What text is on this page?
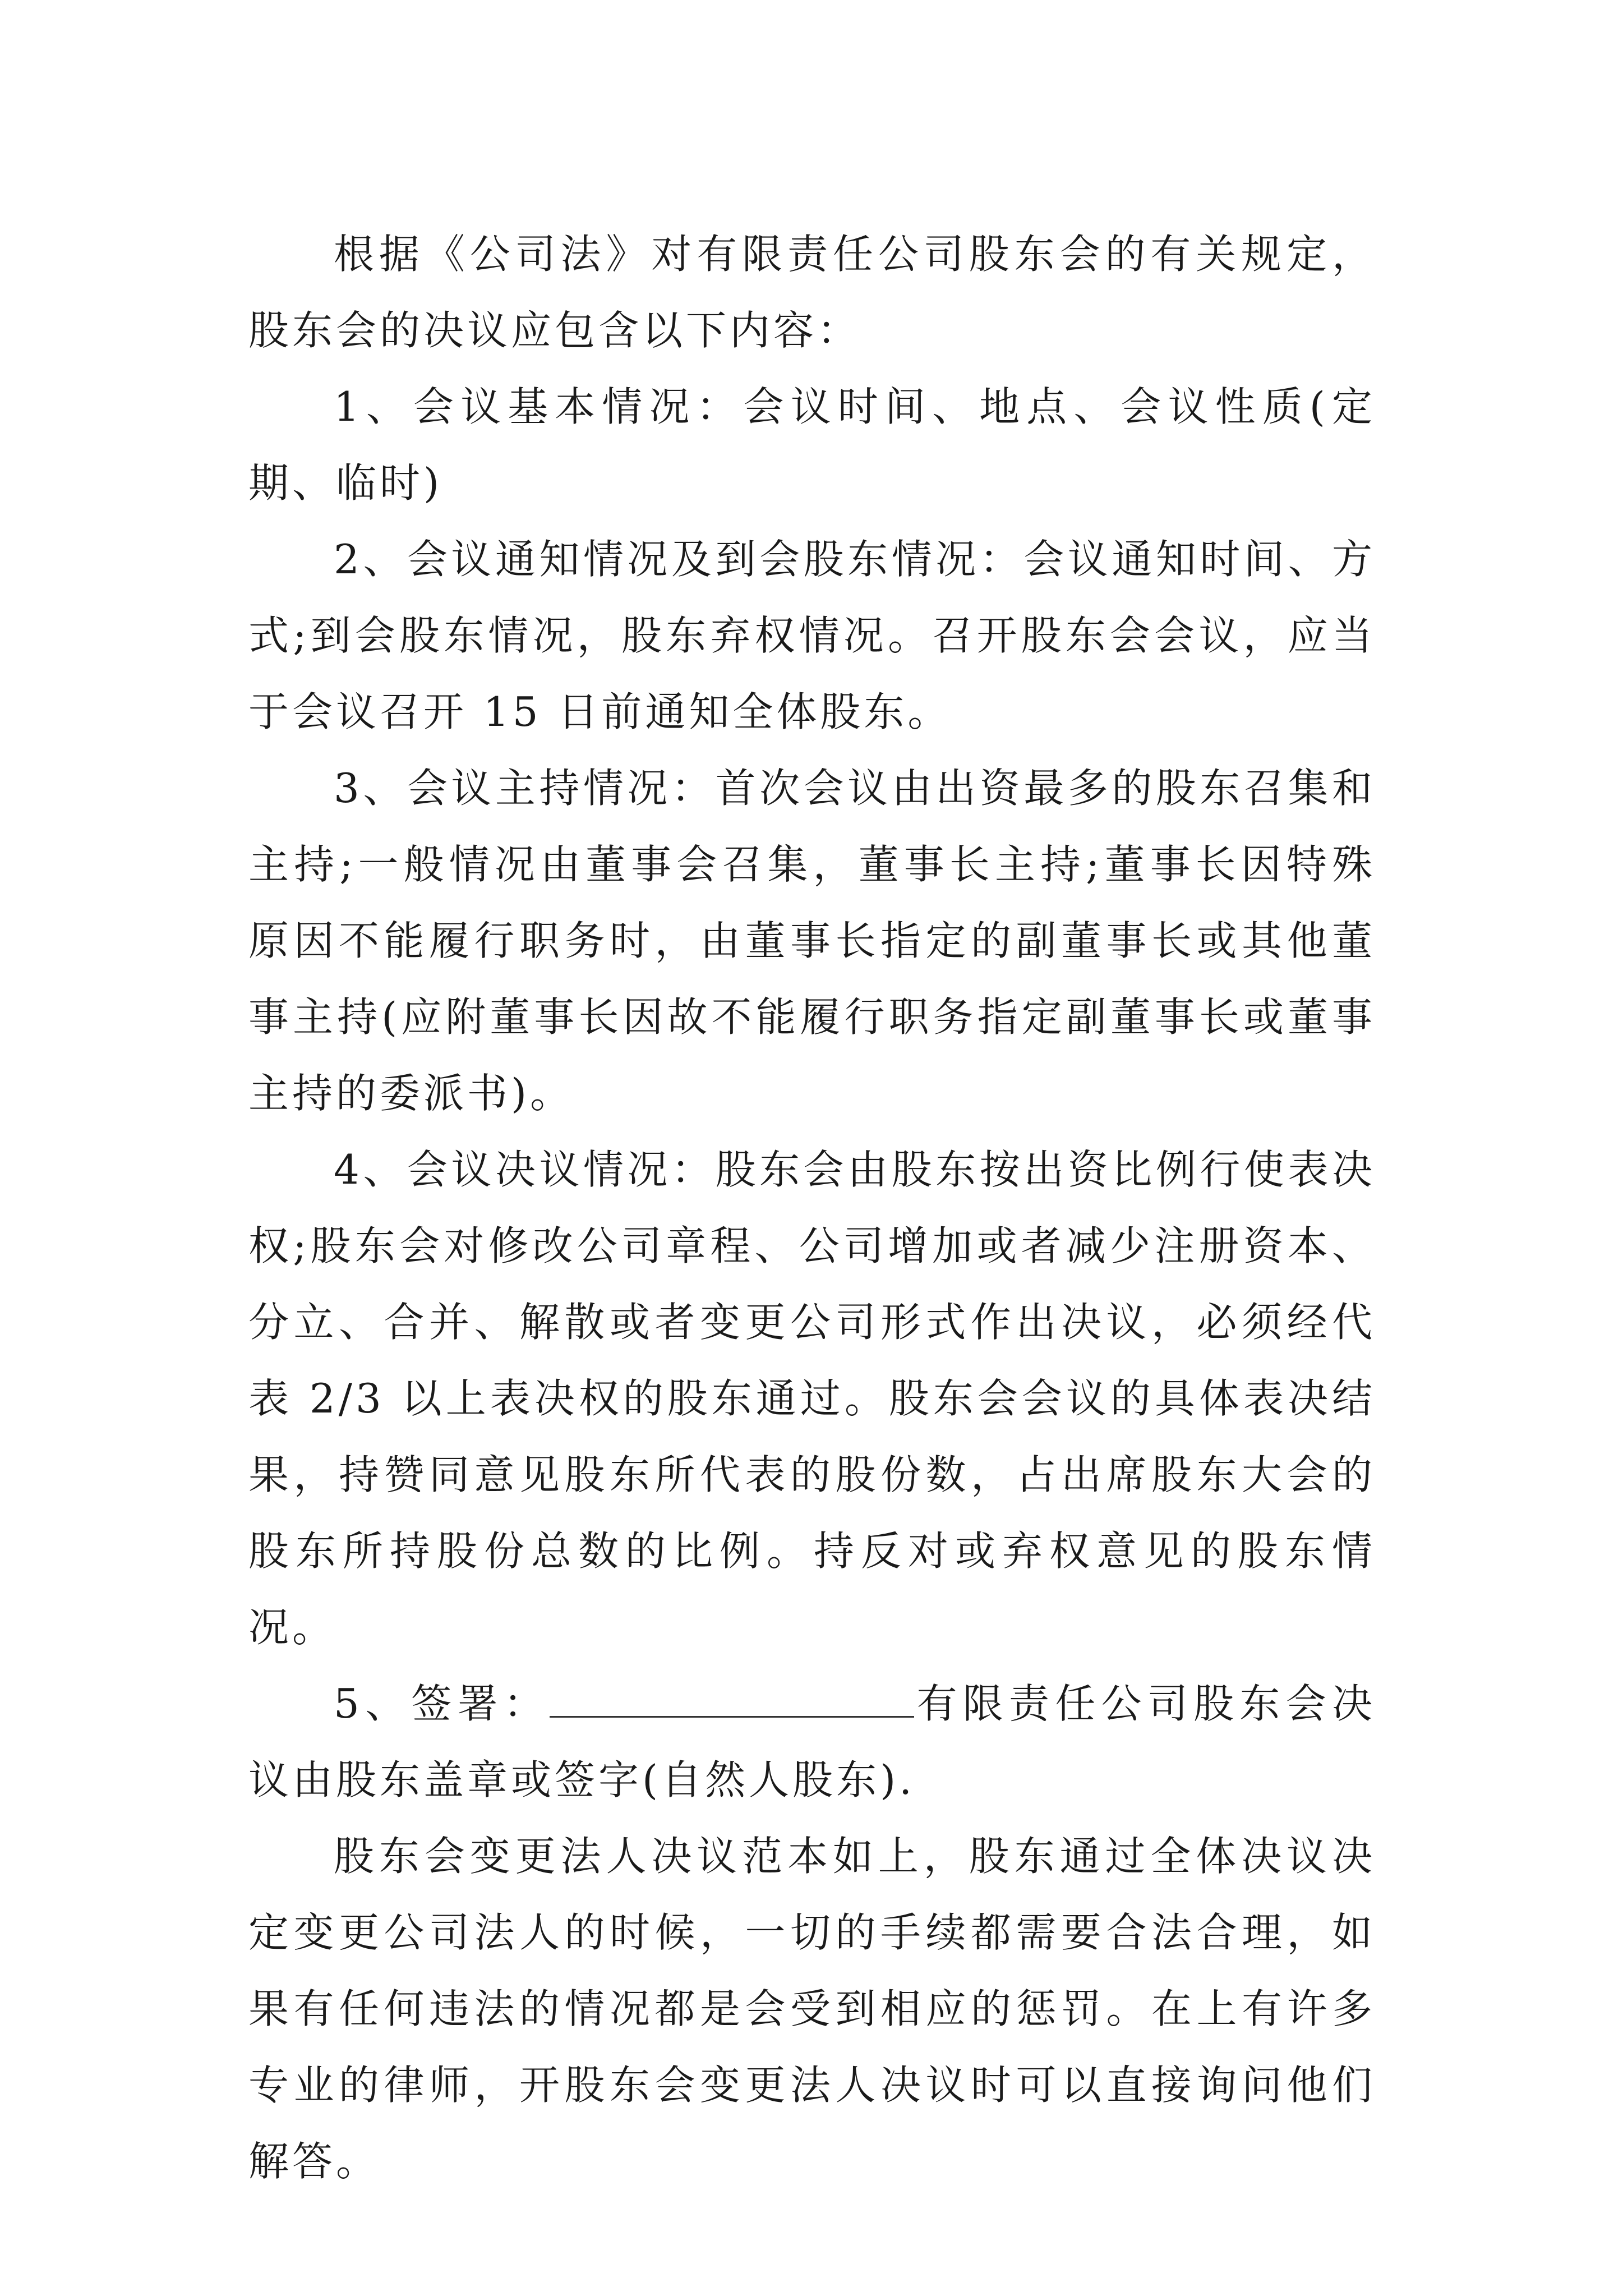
根据《公司法》对有限责任公司股东会的有关规定，股东会的决议应包含以下内容：

1、会议基本情况：会议时间、地点、会议性质(定期、临时)

2、会议通知情况及到会股东情况：会议通知时间、方式;到会股东情况，股东弃权情况。召开股东会会议，应当于会议召开 15 日前通知全体股东。

3、会议主持情况：首次会议由出资最多的股东召集和主持;一般情况由董事会召集，董事长主持;董事长因特殊原因不能履行职务时，由董事长指定的副董事长或其他董事主持(应附董事长因故不能履行职务指定副董事长或董事主持的委派书)。

4、会议决议情况：股东会由股东按出资比例行使表决权;股东会对修改公司章程、公司增加或者减少注册资本、分立、合并、解散或者变更公司形式作出决议，必须经代表 2/3 以上表决权的股东通过。股东会会议的具体表决结果，持赞同意见股东所代表的股份数，占出席股东大会的股东所持股份总数的比例。持反对或弃权意见的股东情况。

5、签署：	有限责任公司股东会决议由股东盖章或签字(自然人股东).

股东会变更法人决议范本如上，股东通过全体决议决定变更公司法人的时候，一切的手续都需要合法合理，如果有任何违法的情况都是会受到相应的惩罚。在上有许多专业的律师，开股东会变更法人决议时可以直接询问他们解答。
